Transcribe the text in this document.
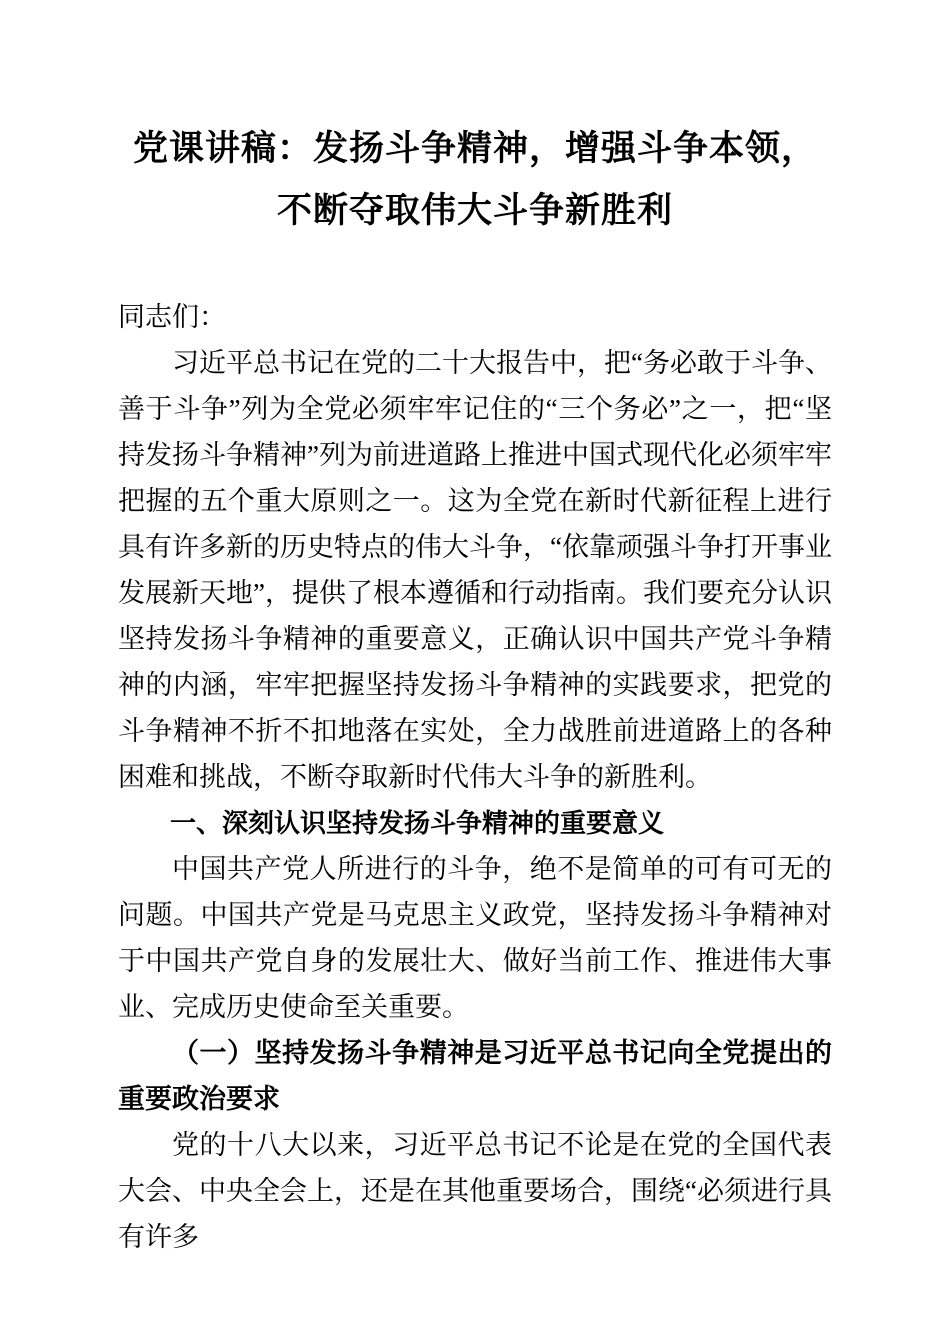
党课讲稿：发扬斗争精神，增强斗争本领，不断夺取伟大斗争新胜利

同志们：

习近平总书记在党的二十大报告中，把“务必敢于斗争、善于斗争”列为全党必须牢牢记住的“三个务必”之一，把“坚持发扬斗争精神”列为前进道路上推进中国式现代化必须牢牢把握的五个重大原则之一。这为全党在新时代新征程上进行具有许多新的历史特点的伟大斗争，“依靠顽强斗争打开事业发展新天地”，提供了根本遵循和行动指南。我们要充分认识坚持发扬斗争精神的重要意义，正确认识中国共产党斗争精神的内涵，牢牢把握坚持发扬斗争精神的实践要求，把党的斗争精神不折不扣地落在实处，全力战胜前进道路上的各种困难和挑战，不断夺取新时代伟大斗争的新胜利。

一、深刻认识坚持发扬斗争精神的重要意义

中国共产党人所进行的斗争，绝不是简单的可有可无的问题。中国共产党是马克思主义政党，坚持发扬斗争精神对于中国共产党自身的发展壮大、做好当前工作、推进伟大事业、完成历史使命至关重要。

（一）坚持发扬斗争精神是习近平总书记向全党提出的重要政治要求

党的十八大以来，习近平总书记不论是在党的全国代表大会、中央全会上，还是在其他重要场合，围绕“必须进行具有许多
